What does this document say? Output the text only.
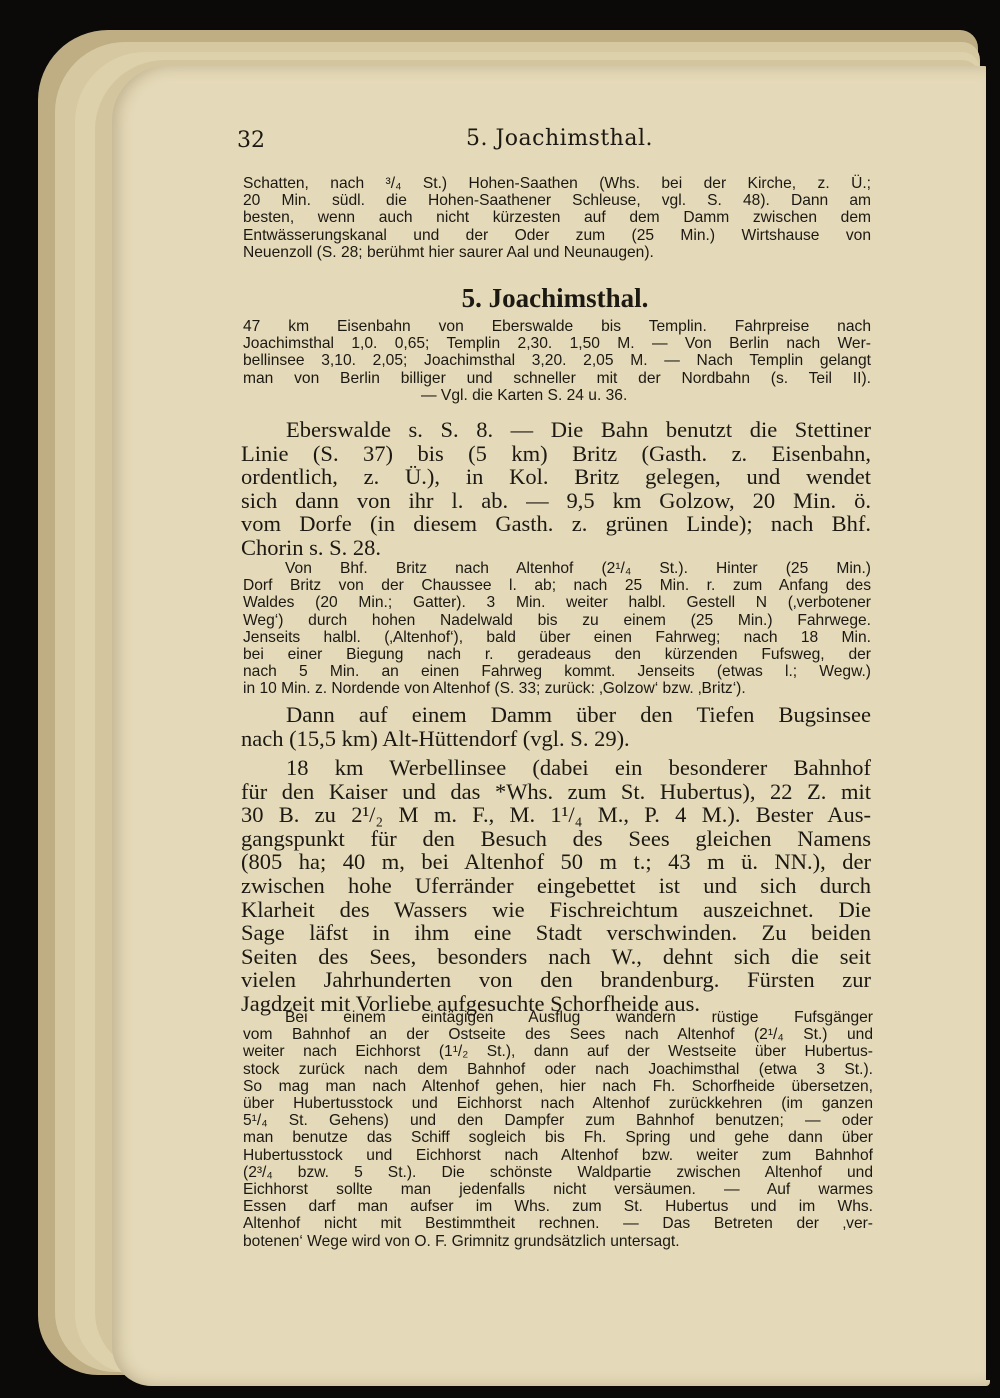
32	5. Joachimsthal.
Schatten, nach ³/₄ St.) Hohen-Saathen (Whs. bei der Kirche, z. Ü.;
20 Min. südl. die Hohen-Saathener Schleuse, vgl. S. 48). Dann am
besten, wenn auch nicht kürzesten auf dem Damm zwischen dem
Entwässerungskanal und der Oder zum (25 Min.) Wirtshause von
Neuenzoll (S. 28; berühmt hier saurer Aal und Neunaugen).
5. Joachimsthal.
47 km Eisenbahn von Eberswalde bis Templin. Fahrpreise nach
Joachimsthal 1,0. 0,65; Templin 2,30. 1,50 M. — Von Berlin nach Wer-
bellinsee 3,10. 2,05; Joachimsthal 3,20. 2,05 M. — Nach Templin gelangt
man von Berlin billiger und schneller mit der Nordbahn (s. Teil II).
— Vgl. die Karten S. 24 u. 36.
Eberswalde s. S. 8. — Die Bahn benutzt die Stettiner
Linie (S. 37) bis (5 km) Britz (Gasth. z. Eisenbahn,
ordentlich, z. Ü.), in Kol. Britz gelegen, und wendet
sich dann von ihr l. ab. — 9,5 km Golzow, 20 Min. ö.
vom Dorfe (in diesem Gasth. z. grünen Linde); nach Bhf.
Chorin s. S. 28.
Von Bhf. Britz nach Altenhof (2¹/₄ St.). Hinter (25 Min.)
Dorf Britz von der Chaussee l. ab; nach 25 Min. r. zum Anfang des
Waldes (20 Min.; Gatter). 3 Min. weiter halbl. Gestell N (‚verbotener
Weg‘) durch hohen Nadelwald bis zu einem (25 Min.) Fahrwege.
Jenseits halbl. (‚Altenhof‘), bald über einen Fahrweg; nach 18 Min.
bei einer Biegung nach r. geradeaus den kürzenden Fufsweg, der
nach 5 Min. an einen Fahrweg kommt. Jenseits (etwas l.; Wegw.)
in 10 Min. z. Nordende von Altenhof (S. 33; zurück: ‚Golzow‘ bzw. ‚Britz‘).
Dann auf einem Damm über den Tiefen Bugsinsee
nach (15,5 km) Alt-Hüttendorf (vgl. S. 29).
18 km Werbellinsee (dabei ein besonderer Bahnhof
für den Kaiser und das *Whs. zum St. Hubertus), 22 Z. mit
30 B. zu 2¹/₂ M m. F., M. 1¹/₄ M., P. 4 M.). Bester Aus-
gangspunkt für den Besuch des Sees gleichen Namens
(805 ha; 40 m, bei Altenhof 50 m t.; 43 m ü. NN.), der
zwischen hohe Uferränder eingebettet ist und sich durch
Klarheit des Wassers wie Fischreichtum auszeichnet. Die
Sage läfst in ihm eine Stadt verschwinden. Zu beiden
Seiten des Sees, besonders nach W., dehnt sich die seit
vielen Jahrhunderten von den brandenburg. Fürsten zur
Jagdzeit mit Vorliebe aufgesuchte Schorfheide aus.
Bei einem eintägigen Ausflug wandern rüstige Fufsgänger
vom Bahnhof an der Ostseite des Sees nach Altenhof (2¹/₄ St.) und
weiter nach Eichhorst (1¹/₂ St.), dann auf der Westseite über Hubertus-
stock zurück nach dem Bahnhof oder nach Joachimsthal (etwa 3 St.).
So mag man nach Altenhof gehen, hier nach Fh. Schorfheide übersetzen,
über Hubertusstock und Eichhorst nach Altenhof zurückkehren (im ganzen
5¹/₄ St. Gehens) und den Dampfer zum Bahnhof benutzen; — oder
man benutze das Schiff sogleich bis Fh. Spring und gehe dann über
Hubertusstock und Eichhorst nach Altenhof bzw. weiter zum Bahnhof
(2³/₄ bzw. 5 St.). Die schönste Waldpartie zwischen Altenhof und
Eichhorst sollte man jedenfalls nicht versäumen. — Auf warmes
Essen darf man aufser im Whs. zum St. Hubertus und im Whs.
Altenhof nicht mit Bestimmtheit rechnen. — Das Betreten der ‚ver-
botenen‘ Wege wird von O. F. Grimnitz grundsätzlich untersagt.
